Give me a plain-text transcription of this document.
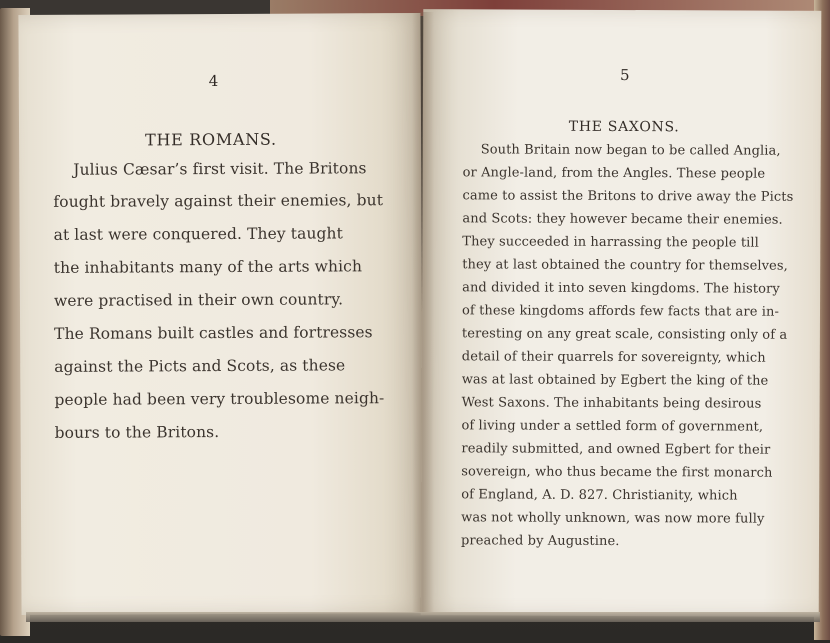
4
THE ROMANS.
Julius Cæsar’s first visit. The Britons
fought bravely against their enemies, but
at last were conquered. They taught
the inhabitants many of the arts which
were practised in their own country.
The Romans built castles and fortresses
against the Picts and Scots, as these
people had been very troublesome neigh-
bours to the Britons.
5
THE SAXONS.
South Britain now began to be called Anglia,
or Angle-land, from the Angles. These people
came to assist the Britons to drive away the Picts
and Scots: they however became their enemies.
They succeeded in harrassing the people till
they at last obtained the country for themselves,
and divided it into seven kingdoms. The history
of these kingdoms affords few facts that are in-
teresting on any great scale, consisting only of a
detail of their quarrels for sovereignty, which
was at last obtained by Egbert the king of the
West Saxons. The inhabitants being desirous
of living under a settled form of government,
readily submitted, and owned Egbert for their
sovereign, who thus became the first monarch
of England, A. D. 827. Christianity, which
was not wholly unknown, was now more fully
preached by Augustine.
